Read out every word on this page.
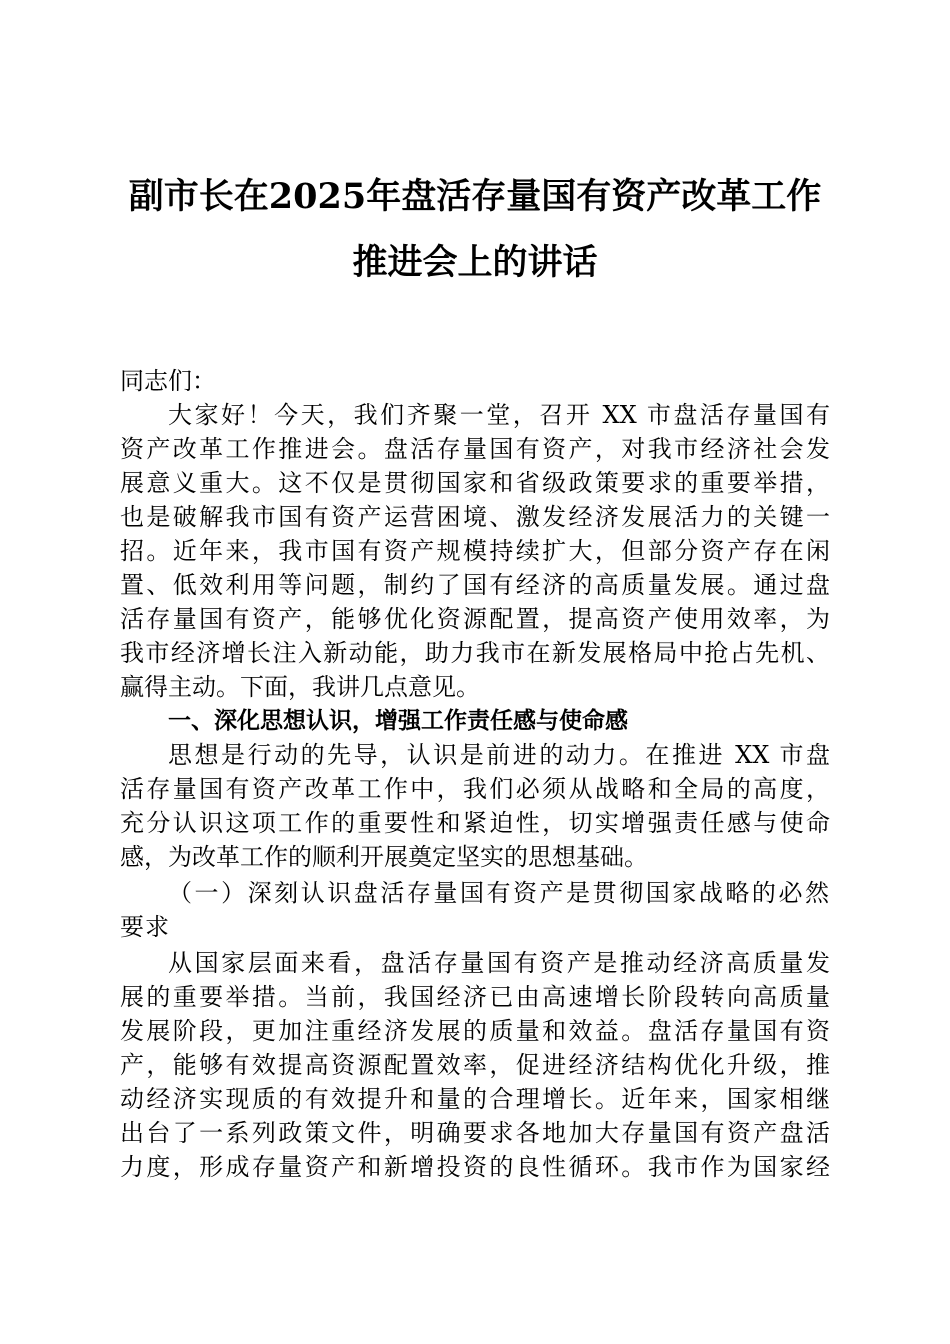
副市长在2025年盘活存量国有资产改革工作
推进会上的讲话
同志们：
大家好！今天，我们齐聚一堂，召开 XX 市盘活存量国有
资产改革工作推进会。盘活存量国有资产，对我市经济社会发
展意义重大。这不仅是贯彻国家和省级政策要求的重要举措，
也是破解我市国有资产运营困境、激发经济发展活力的关键一
招。近年来，我市国有资产规模持续扩大，但部分资产存在闲
置、低效利用等问题，制约了国有经济的高质量发展。通过盘
活存量国有资产，能够优化资源配置，提高资产使用效率，为
我市经济增长注入新动能，助力我市在新发展格局中抢占先机、
赢得主动。下面，我讲几点意见。
一、深化思想认识，增强工作责任感与使命感
思想是行动的先导，认识是前进的动力。在推进 XX 市盘
活存量国有资产改革工作中，我们必须从战略和全局的高度，
充分认识这项工作的重要性和紧迫性，切实增强责任感与使命
感，为改革工作的顺利开展奠定坚实的思想基础。
（一）深刻认识盘活存量国有资产是贯彻国家战略的必然
要求
从国家层面来看，盘活存量国有资产是推动经济高质量发
展的重要举措。当前，我国经济已由高速增长阶段转向高质量
发展阶段，更加注重经济发展的质量和效益。盘活存量国有资
产，能够有效提高资源配置效率，促进经济结构优化升级，推
动经济实现质的有效提升和量的合理增长。近年来，国家相继
出台了一系列政策文件，明确要求各地加大存量国有资产盘活
力度，形成存量资产和新增投资的良性循环。我市作为国家经
